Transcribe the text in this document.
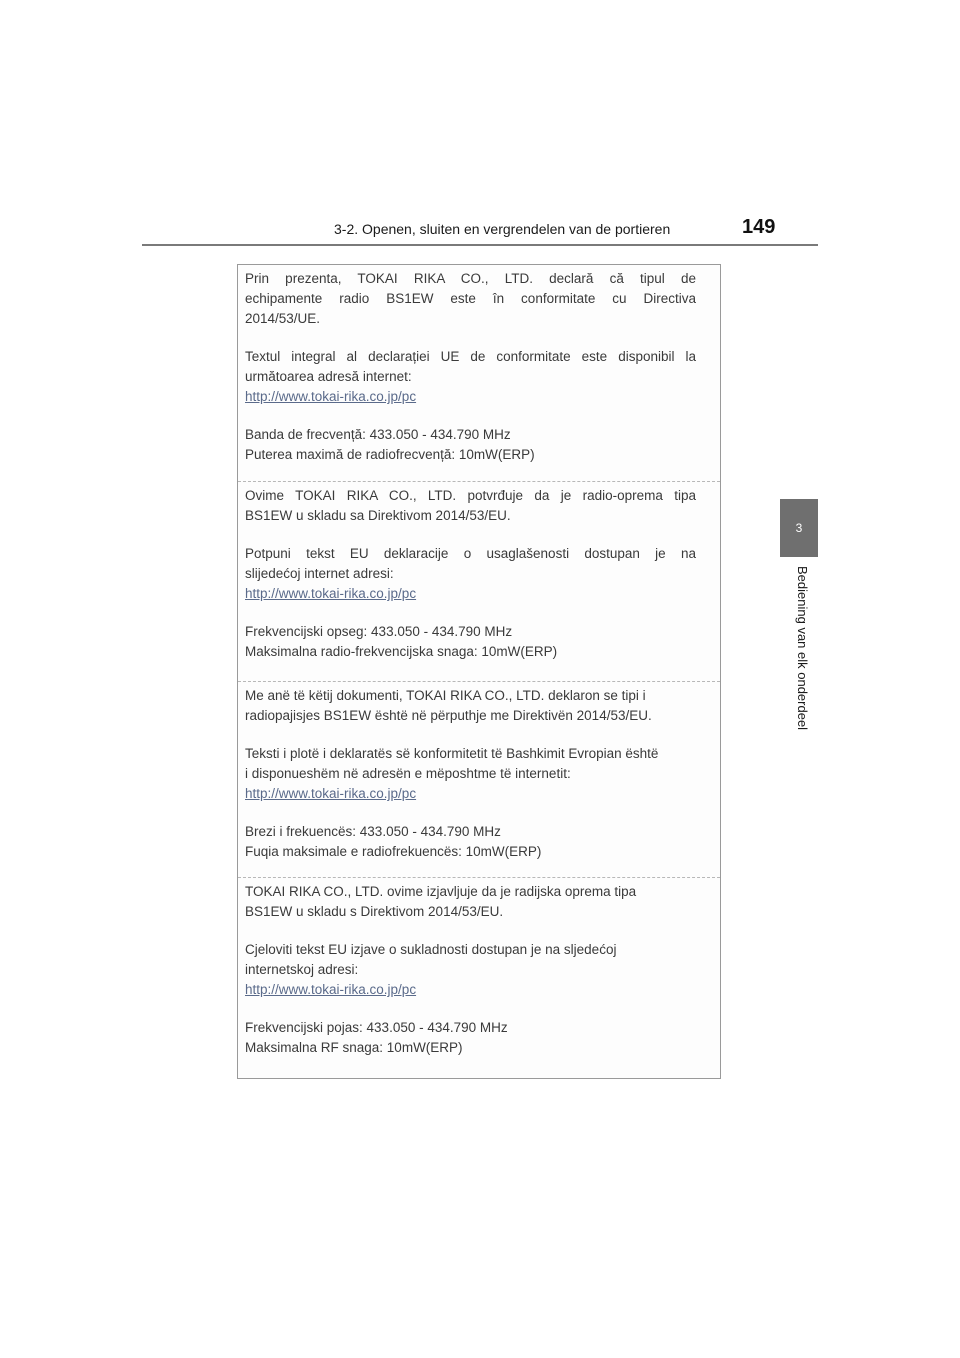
3-2. Openen, sluiten en vergrendelen van de portieren	149
3
Bediening van elk onderdeel

Prin prezenta, TOKAI RIKA CO., LTD. declară că tipul de
echipamente radio BS1EW este în conformitate cu Directiva
2014/53/UE.

Textul integral al declarației UE de conformitate este disponibil la
următoarea adresă internet:

http://www.tokai-rika.co.jp/pc

Banda de frecvență: 433.050 - 434.790 MHz
Puterea maximă de radiofrecvență: 10mW(ERP)

Ovime TOKAI RIKA CO., LTD. potvrđuje da je radio-oprema tipa
BS1EW u skladu sa Direktivom 2014/53/EU.

Potpuni tekst EU deklaracije o usaglašenosti dostupan je na
slijedećoj internet adresi:

http://www.tokai-rika.co.jp/pc

Frekvencijski opseg: 433.050 - 434.790 MHz
Maksimalna radio-frekvencijska snaga: 10mW(ERP)

Me anë të këtij dokumenti, TOKAI RIKA CO., LTD. deklaron se tipi i
radiopajisjes BS1EW është në përputhje me Direktivën 2014/53/EU.

Teksti i plotë i deklaratës së konformitetit të Bashkimit Evropian është
i disponueshëm në adresën e mëposhtme të internetit:

http://www.tokai-rika.co.jp/pc

Brezi i frekuencës: 433.050 - 434.790 MHz
Fuqia maksimale e radiofrekuencës: 10mW(ERP)

TOKAI RIKA CO., LTD. ovime izjavljuje da je radijska oprema tipa
BS1EW u skladu s Direktivom 2014/53/EU.

Cjeloviti tekst EU izjave o sukladnosti dostupan je na sljedećoj
internetskoj adresi:

http://www.tokai-rika.co.jp/pc

Frekvencijski pojas: 433.050 - 434.790 MHz
Maksimalna RF snaga: 10mW(ERP)
